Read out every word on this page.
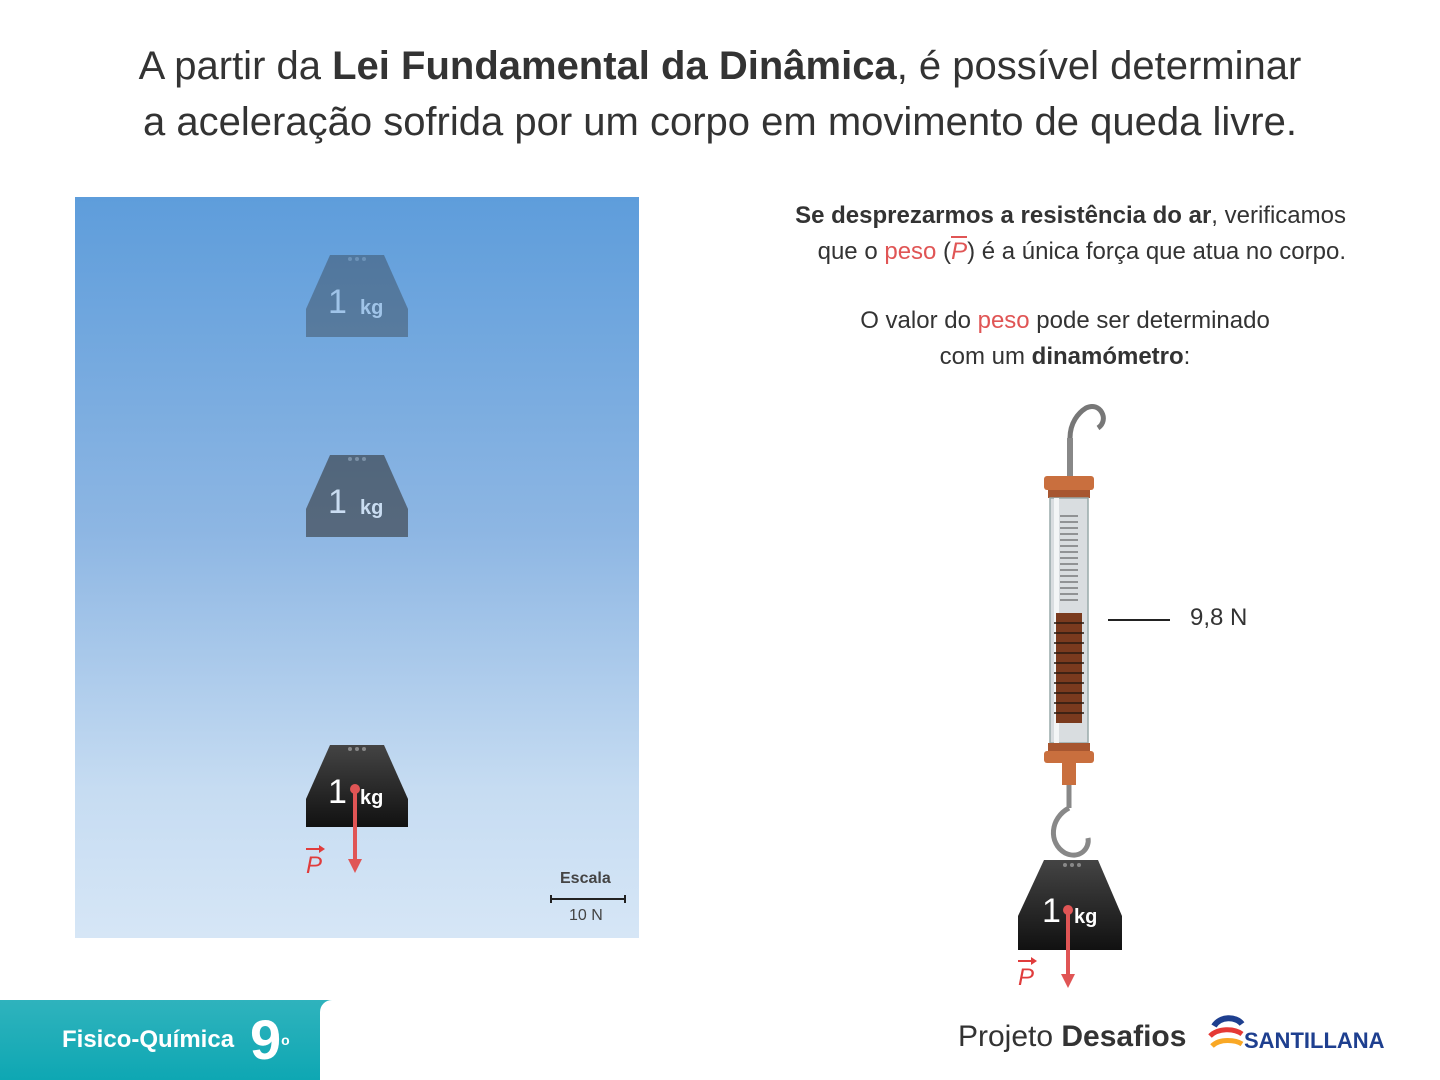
A partir da Lei Fundamental da Dinâmica, é possível determinar
a aceleração sofrida por um corpo em movimento de queda livre.
1 kg
1 kg
1 kg
P	Escala
10 N
Se desprezarmos a resistência do ar, verificamos
que o peso (P) é a única força que atua no corpo.
O valor do peso pode ser determinado
com um dinamómetro:
1 kg
P
9,8 N
Fisico-Química 9$^o$	Projeto Desafios	SANTILLANA
